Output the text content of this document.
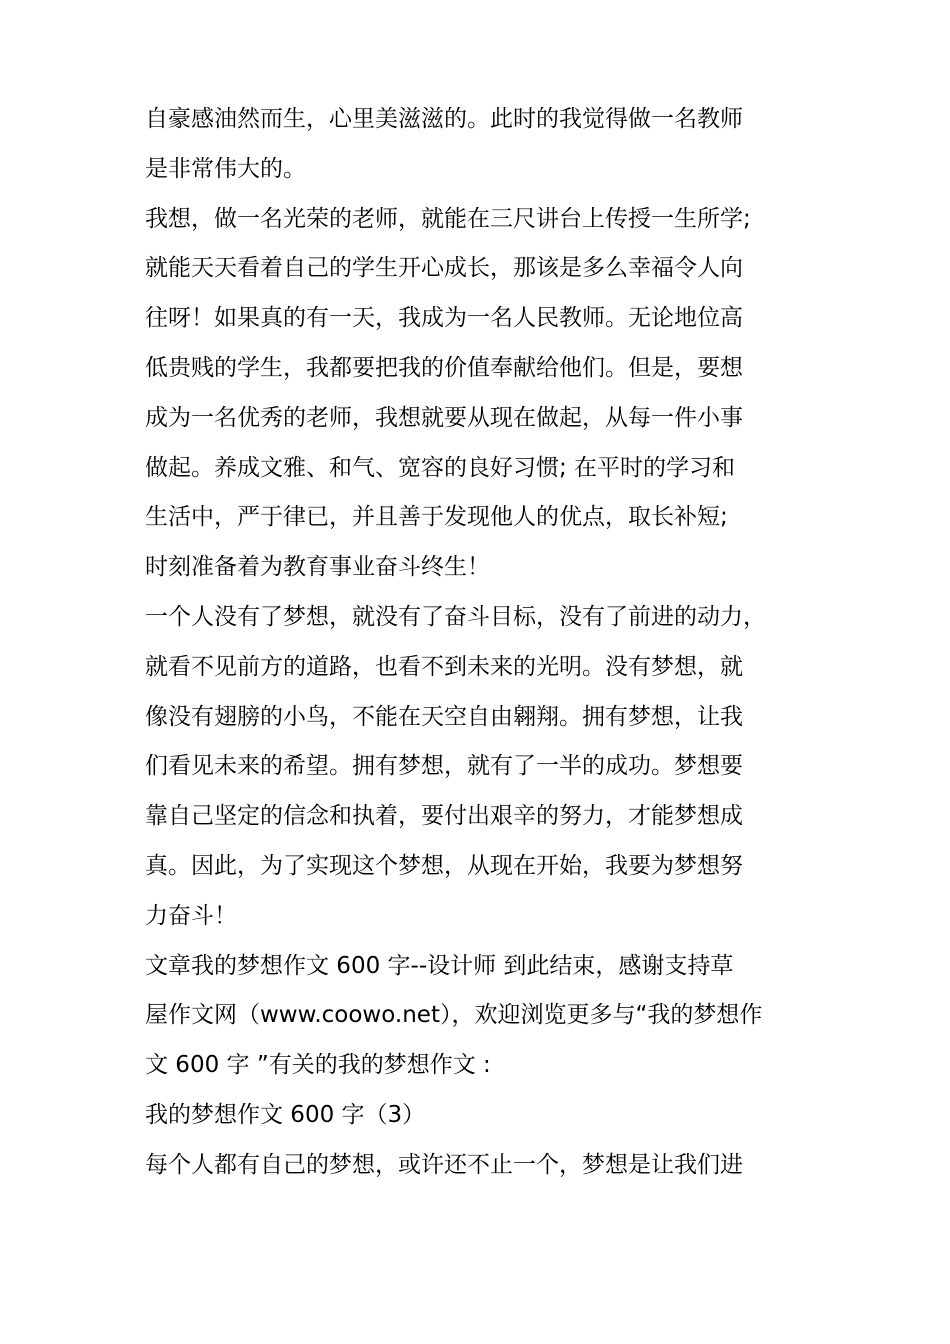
自豪感油然而生，心里美滋滋的。此时的我觉得做一名教师
是非常伟大的。
我想，做一名光荣的老师，就能在三尺讲台上传授一生所学;
就能天天看着自己的学生开心成长，那该是多么幸福令人向
往呀！如果真的有一天，我成为一名人民教师。无论地位高
低贵贱的学生，我都要把我的价值奉献给他们。但是，要想
成为一名优秀的老师，我想就要从现在做起，从每一件小事
做起。养成文雅、和气、宽容的良好习惯; 在平时的学习和
生活中，严于律已，并且善于发现他人的优点，取长补短;
时刻准备着为教育事业奋斗终生！
一个人没有了梦想，就没有了奋斗目标，没有了前进的动力，
就看不见前方的道路，也看不到未来的光明。没有梦想，就
像没有翅膀的小鸟，不能在天空自由翱翔。拥有梦想，让我
们看见未来的希望。拥有梦想，就有了一半的成功。梦想要
靠自己坚定的信念和执着，要付出艰辛的努力，才能梦想成
真。因此，为了实现这个梦想，从现在开始，我要为梦想努
力奋斗！
文章我的梦想作文 600 字--设计师 到此结束，感谢支持草
屋作文网（www.coowo.net），欢迎浏览更多与“我的梦想作
文 600 字 ”有关的我的梦想作文 :
我的梦想作文 600 字（3）
每个人都有自己的梦想，或许还不止一个，梦想是让我们进
